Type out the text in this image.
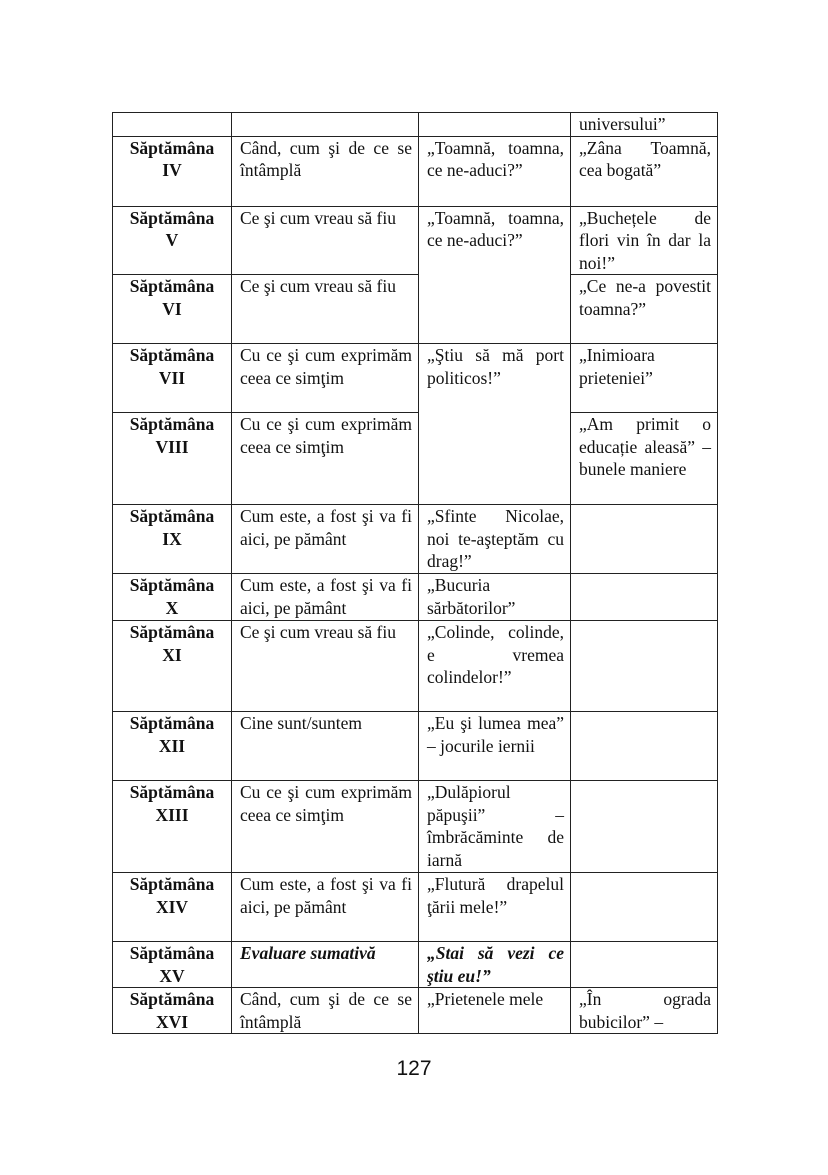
			universului”

Săptămâna
IV	Când, cum şi de ce se întâmplă	„Toamnă, toamna, ce ne-aduci?”	„Zâna Toamnă, cea bogată”

Săptămâna
V	Ce şi cum vreau să fiu	„Toamnă, toamna, ce ne-aduci?”	„Buchețele de flori vin în dar la noi!”

Săptămâna
VI	Ce şi cum vreau să fiu		„Ce ne-a povestit toamna?”

Săptămâna
VII	Cu ce şi cum exprimăm ceea ce simţim	„Ştiu să mă port politicos!”	„Inimioara prieteniei”

Săptămâna
VIII	Cu ce şi cum exprimăm ceea ce simţim		„Am primit o educație aleasă” – bunele maniere

Săptămâna
IX	Cum este, a fost şi va fi aici, pe pământ	„Sfinte Nicolae, noi te-aşteptăm cu drag!”	

Săptămâna
X	Cum este, a fost şi va fi aici, pe pământ	„Bucuria sărbătorilor”	

Săptămâna
XI	Ce şi cum vreau să fiu	„Colinde, colinde, e vremea colindelor!”	

Săptămâna
XII	Cine sunt/suntem	„Eu şi lumea mea” – jocurile iernii	

Săptămâna
XIII	Cu ce şi cum exprimăm ceea ce simţim	„Dulăpiorul păpuşii” – îmbrăcăminte de iarnă	

Săptămâna
XIV	Cum este, a fost şi va fi aici, pe pământ	„Flutură drapelul ţării mele!”	

Săptămâna
XV	Evaluare sumativă	„Stai să vezi ce ştiu eu!”	

Săptămâna
XVI	Când, cum şi de ce se întâmplă	„Prietenele mele	„În ograda bubicilor” –
127
